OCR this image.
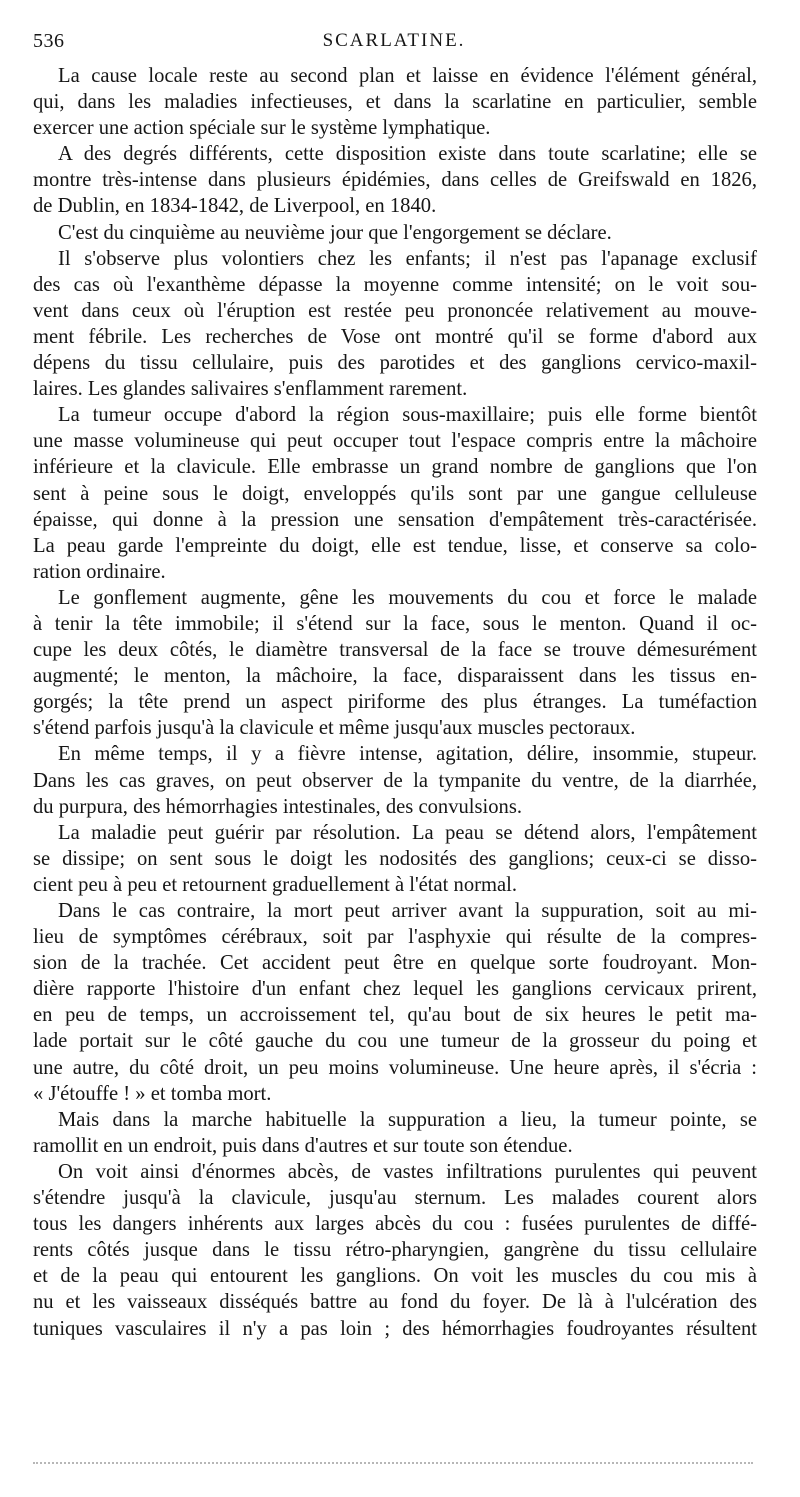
536	SCARLATINE.
La cause locale reste au second plan et laisse en évidence l'élément général,
qui, dans les maladies infectieuses, et dans la scarlatine en particulier, semble
exercer une action spéciale sur le système lymphatique.
A des degrés différents, cette disposition existe dans toute scarlatine; elle se
montre très-intense dans plusieurs épidémies, dans celles de Greifswald en 1826,
de Dublin, en 1834-1842, de Liverpool, en 1840.
C'est du cinquième au neuvième jour que l'engorgement se déclare.
Il s'observe plus volontiers chez les enfants; il n'est pas l'apanage exclusif
des cas où l'exanthème dépasse la moyenne comme intensité; on le voit sou-
vent dans ceux où l'éruption est restée peu prononcée relativement au mouve-
ment fébrile. Les recherches de Vose ont montré qu'il se forme d'abord aux
dépens du tissu cellulaire, puis des parotides et des ganglions cervico-maxil-
laires. Les glandes salivaires s'enflamment rarement.
La tumeur occupe d'abord la région sous-maxillaire; puis elle forme bientôt
une masse volumineuse qui peut occuper tout l'espace compris entre la mâchoire
inférieure et la clavicule. Elle embrasse un grand nombre de ganglions que l'on
sent à peine sous le doigt, enveloppés qu'ils sont par une gangue celluleuse
épaisse, qui donne à la pression une sensation d'empâtement très-caractérisée.
La peau garde l'empreinte du doigt, elle est tendue, lisse, et conserve sa colo-
ration ordinaire.
Le gonflement augmente, gêne les mouvements du cou et force le malade
à tenir la tête immobile; il s'étend sur la face, sous le menton. Quand il oc-
cupe les deux côtés, le diamètre transversal de la face se trouve démesurément
augmenté; le menton, la mâchoire, la face, disparaissent dans les tissus en-
gorgés; la tête prend un aspect piriforme des plus étranges. La tuméfaction
s'étend parfois jusqu'à la clavicule et même jusqu'aux muscles pectoraux.
En même temps, il y a fièvre intense, agitation, délire, insommie, stupeur.
Dans les cas graves, on peut observer de la tympanite du ventre, de la diarrhée,
du purpura, des hémorrhagies intestinales, des convulsions.
La maladie peut guérir par résolution. La peau se détend alors, l'empâtement
se dissipe; on sent sous le doigt les nodosités des ganglions; ceux-ci se disso-
cient peu à peu et retournent graduellement à l'état normal.
Dans le cas contraire, la mort peut arriver avant la suppuration, soit au mi-
lieu de symptômes cérébraux, soit par l'asphyxie qui résulte de la compres-
sion de la trachée. Cet accident peut être en quelque sorte foudroyant. Mon-
dière rapporte l'histoire d'un enfant chez lequel les ganglions cervicaux prirent,
en peu de temps, un accroissement tel, qu'au bout de six heures le petit ma-
lade portait sur le côté gauche du cou une tumeur de la grosseur du poing et
une autre, du côté droit, un peu moins volumineuse. Une heure après, il s'écria :
« J'étouffe ! » et tomba mort.
Mais dans la marche habituelle la suppuration a lieu, la tumeur pointe, se
ramollit en un endroit, puis dans d'autres et sur toute son étendue.
On voit ainsi d'énormes abcès, de vastes infiltrations purulentes qui peuvent
s'étendre jusqu'à la clavicule, jusqu'au sternum. Les malades courent alors
tous les dangers inhérents aux larges abcès du cou : fusées purulentes de diffé-
rents côtés jusque dans le tissu rétro-pharyngien, gangrène du tissu cellulaire
et de la peau qui entourent les ganglions. On voit les muscles du cou mis à
nu et les vaisseaux disséqués battre au fond du foyer. De là à l'ulcération des
tuniques vasculaires il n'y a pas loin ; des hémorrhagies foudroyantes résultent
